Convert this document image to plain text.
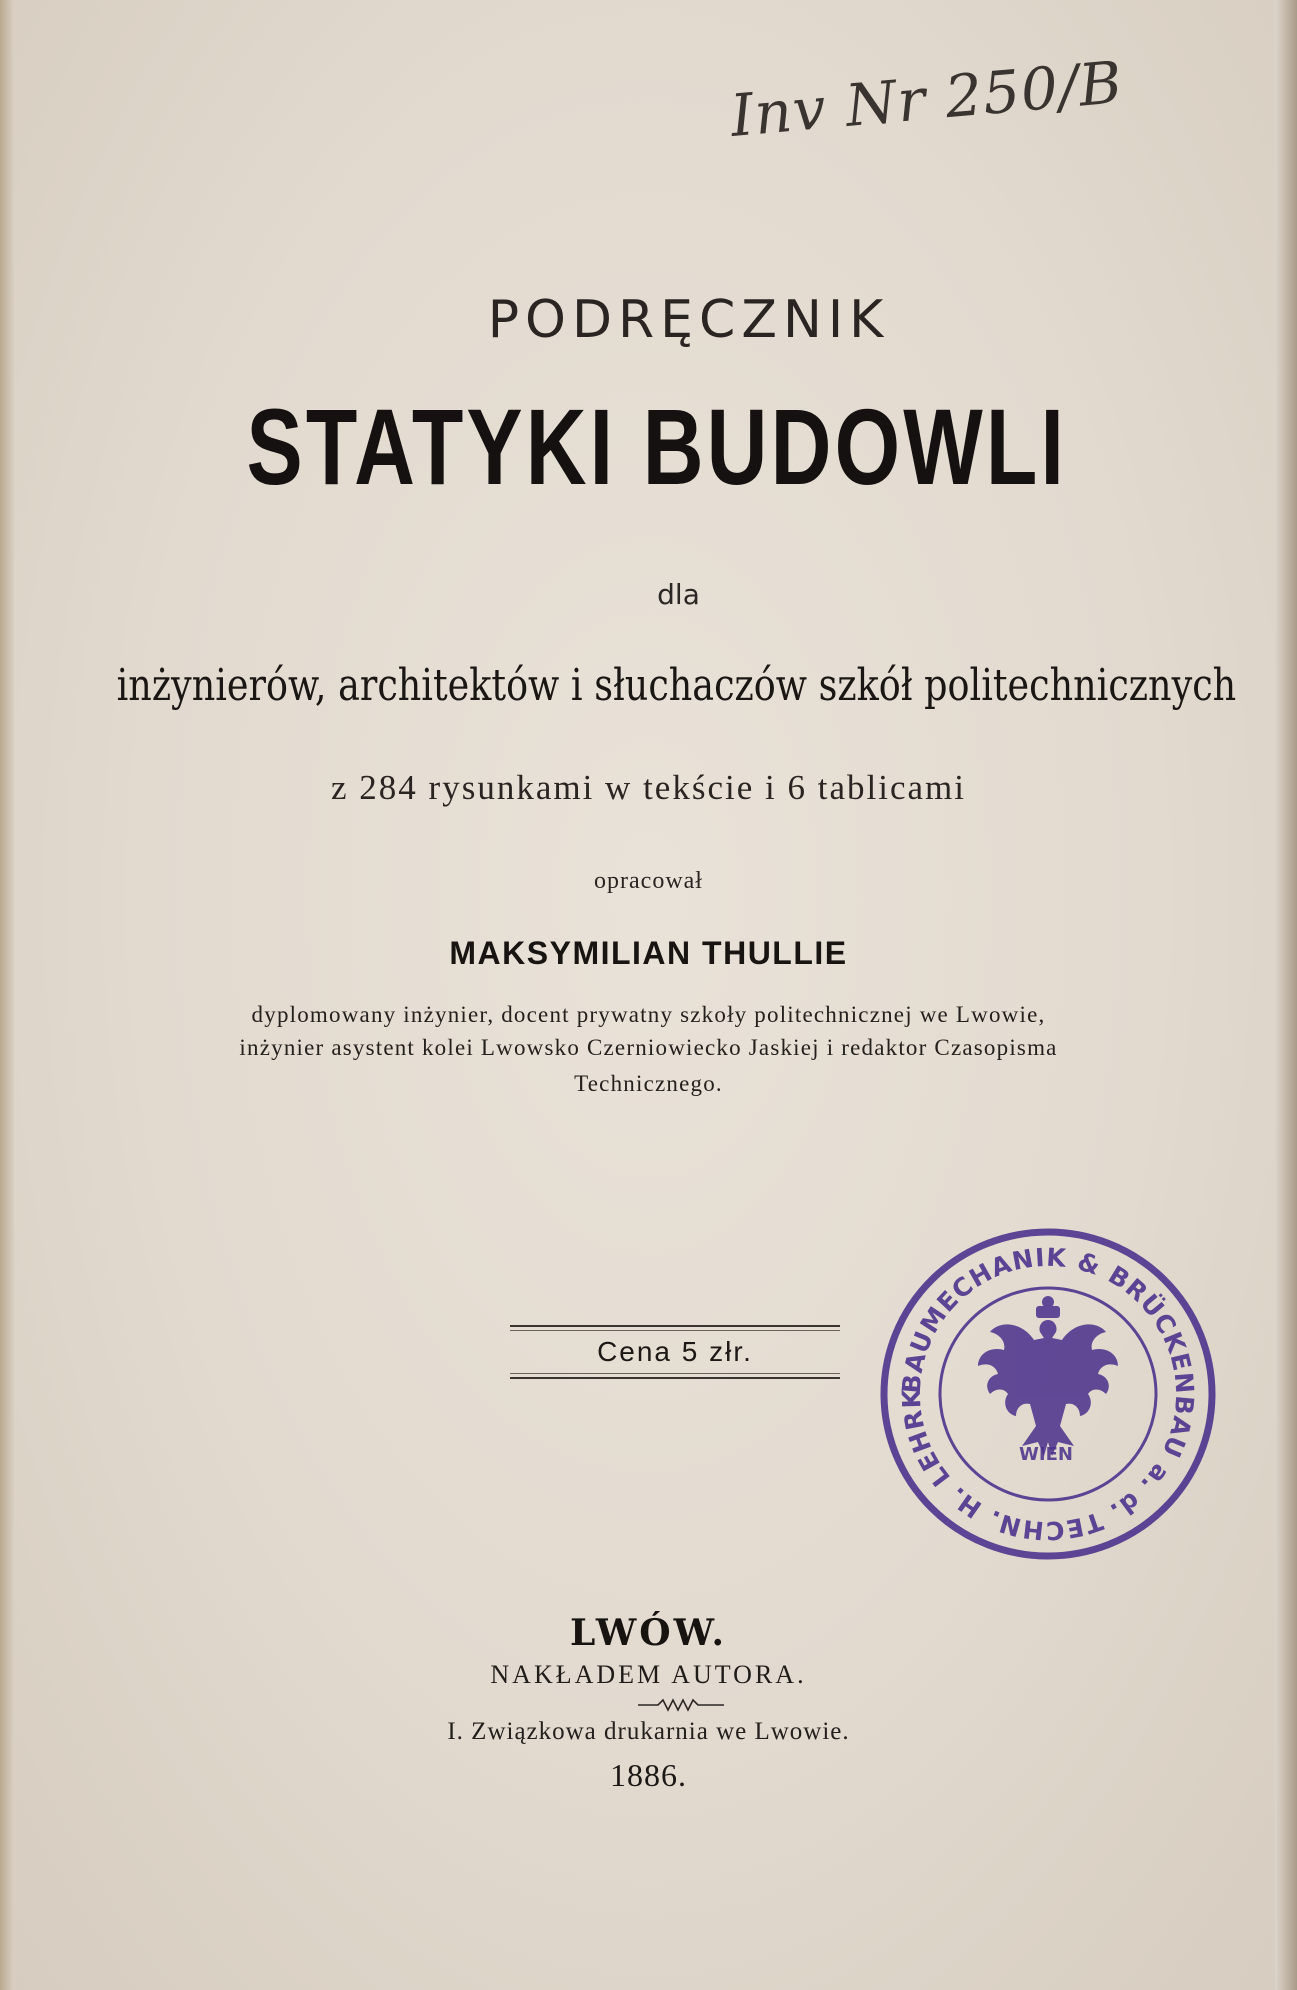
Inv Nr 250/B
PODRĘCZNIK
STATYKI BUDOWLI
dla
inżynierów, architektów i słuchaczów szkół politechnicznych
z 284 rysunkami w tekście i 6 tablicami
opracował
MAKSYMILIAN THULLIE
dyplomowany inżynier, docent prywatny szkoły politechnicznej we Lwowie,
inżynier asystent kolei Lwowsko Czerniowiecko Jaskiej i redaktor Czasopisma
Technicznego.
Cena 5 złr.
BAUMECHANIK & BRÜCKENBAU a. d. TECHN. H. LEHRK
WIEN
LWÓW.
NAKŁADEM AUTORA.
I. Związkowa drukarnia we Lwowie.
1886.
